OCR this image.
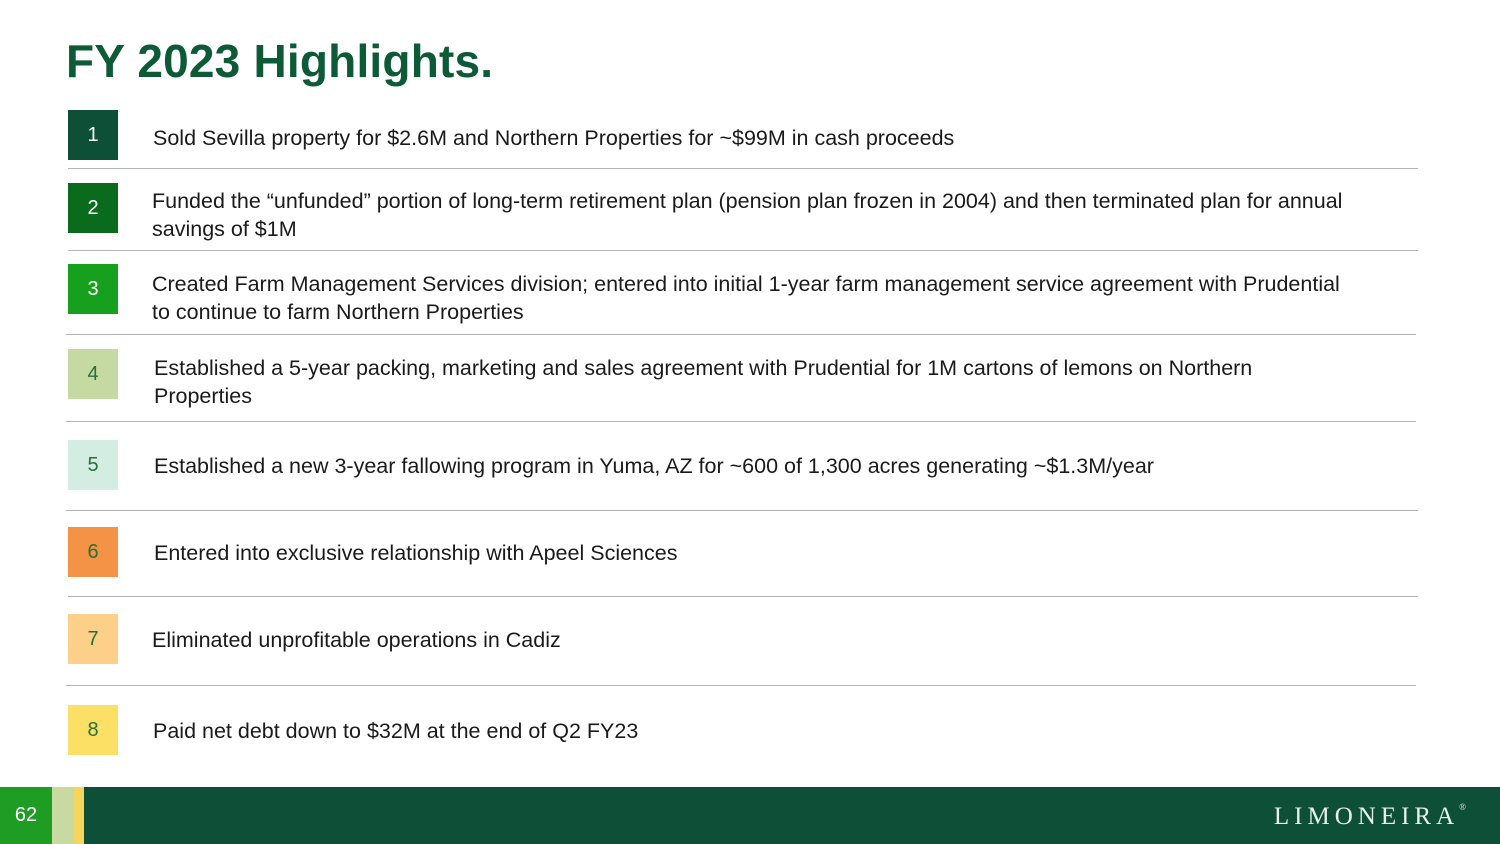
FY 2023 Highlights.
1	Sold Sevilla property for $2.6M and Northern Properties for ~$99M in cash proceeds
2	Funded the “unfunded” portion of long-term retirement plan (pension plan frozen in 2004) and then terminated plan for annual savings of $1M
3	Created Farm Management Services division; entered into initial 1-year farm management service agreement with Prudential to continue to farm Northern Properties
4	Established a 5-year packing, marketing and sales agreement with Prudential for 1M cartons of lemons on Northern Properties
5	Established a new 3-year fallowing program in Yuma, AZ for ~600 of 1,300 acres generating ~$1.3M/year
6	Entered into exclusive relationship with Apeel Sciences
7	Eliminated unprofitable operations in Cadiz
8	Paid net debt down to $32M at the end of Q2 FY23
62	LIMONEIRA®
